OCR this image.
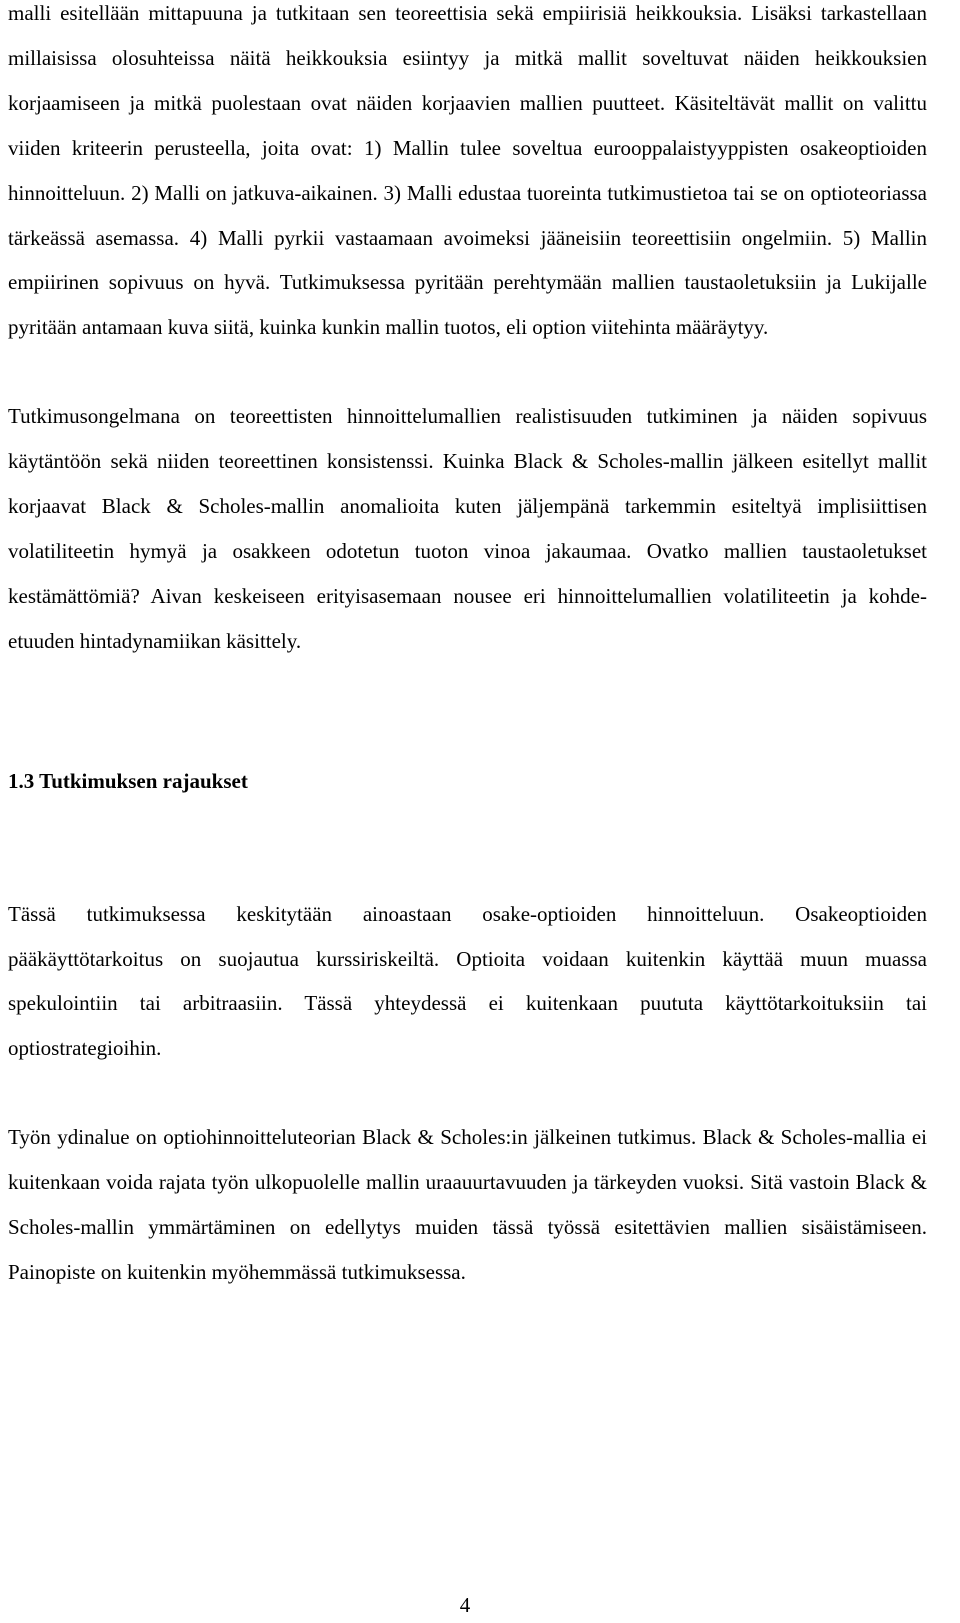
malli esitellään mittapuuna ja tutkitaan sen teoreettisia sekä empiirisiä heikkouksia. Lisäksi tarkastellaan millaisissa olosuhteissa näitä heikkouksia esiintyy ja mitkä mallit soveltuvat näiden heikkouksien korjaamiseen ja mitkä puolestaan ovat näiden korjaavien mallien puutteet. Käsiteltävät mallit on valittu viiden kriteerin perusteella, joita ovat: 1) Mallin tulee soveltua eurooppalaistyyppisten osakeoptioiden hinnoitteluun. 2) Malli on jatkuva-aikainen. 3) Malli edustaa tuoreinta tutkimustietoa tai se on optioteoriassa tärkeässä asemassa. 4) Malli pyrkii vastaamaan avoimeksi jääneisiin teoreettisiin ongelmiin. 5) Mallin empiirinen sopivuus on hyvä. Tutkimuksessa pyritään perehtymään mallien taustaoletuksiin ja Lukijalle pyritään antamaan kuva siitä, kuinka kunkin mallin tuotos, eli option viitehinta määräytyy.

Tutkimusongelmana on teoreettisten hinnoittelumallien realistisuuden tutkiminen ja näiden sopivuus käytäntöön sekä niiden teoreettinen konsistenssi. Kuinka Black & Scholes-mallin jälkeen esitellyt mallit korjaavat Black & Scholes-mallin anomalioita kuten jäljempänä tarkemmin esiteltyä implisiittisen volatiliteetin hymyä ja osakkeen odotetun tuoton vinoa jakaumaa. Ovatko mallien taustaoletukset kestämättömiä? Aivan keskeiseen erityisasemaan nousee eri hinnoittelumallien volatiliteetin ja kohde-etuuden hintadynamiikan käsittely.

1.3 Tutkimuksen rajaukset

Tässä tutkimuksessa keskitytään ainoastaan osake-optioiden hinnoitteluun. Osakeoptioiden pääkäyttötarkoitus on suojautua kurssiriskeiltä. Optioita voidaan kuitenkin käyttää muun muassa spekulointiin tai arbitraasiin. Tässä yhteydessä ei kuitenkaan puututa käyttötarkoituksiin tai optiostrategioihin.

Työn ydinalue on optiohinnoitteluteorian Black & Scholes:in jälkeinen tutkimus. Black & Scholes-mallia ei kuitenkaan voida rajata työn ulkopuolelle mallin uraauurtavuuden ja tärkeyden vuoksi. Sitä vastoin Black & Scholes-mallin ymmärtäminen on edellytys muiden tässä työssä esitettävien mallien sisäistämiseen. Painopiste on kuitenkin myöhemmässä tutkimuksessa.

4
